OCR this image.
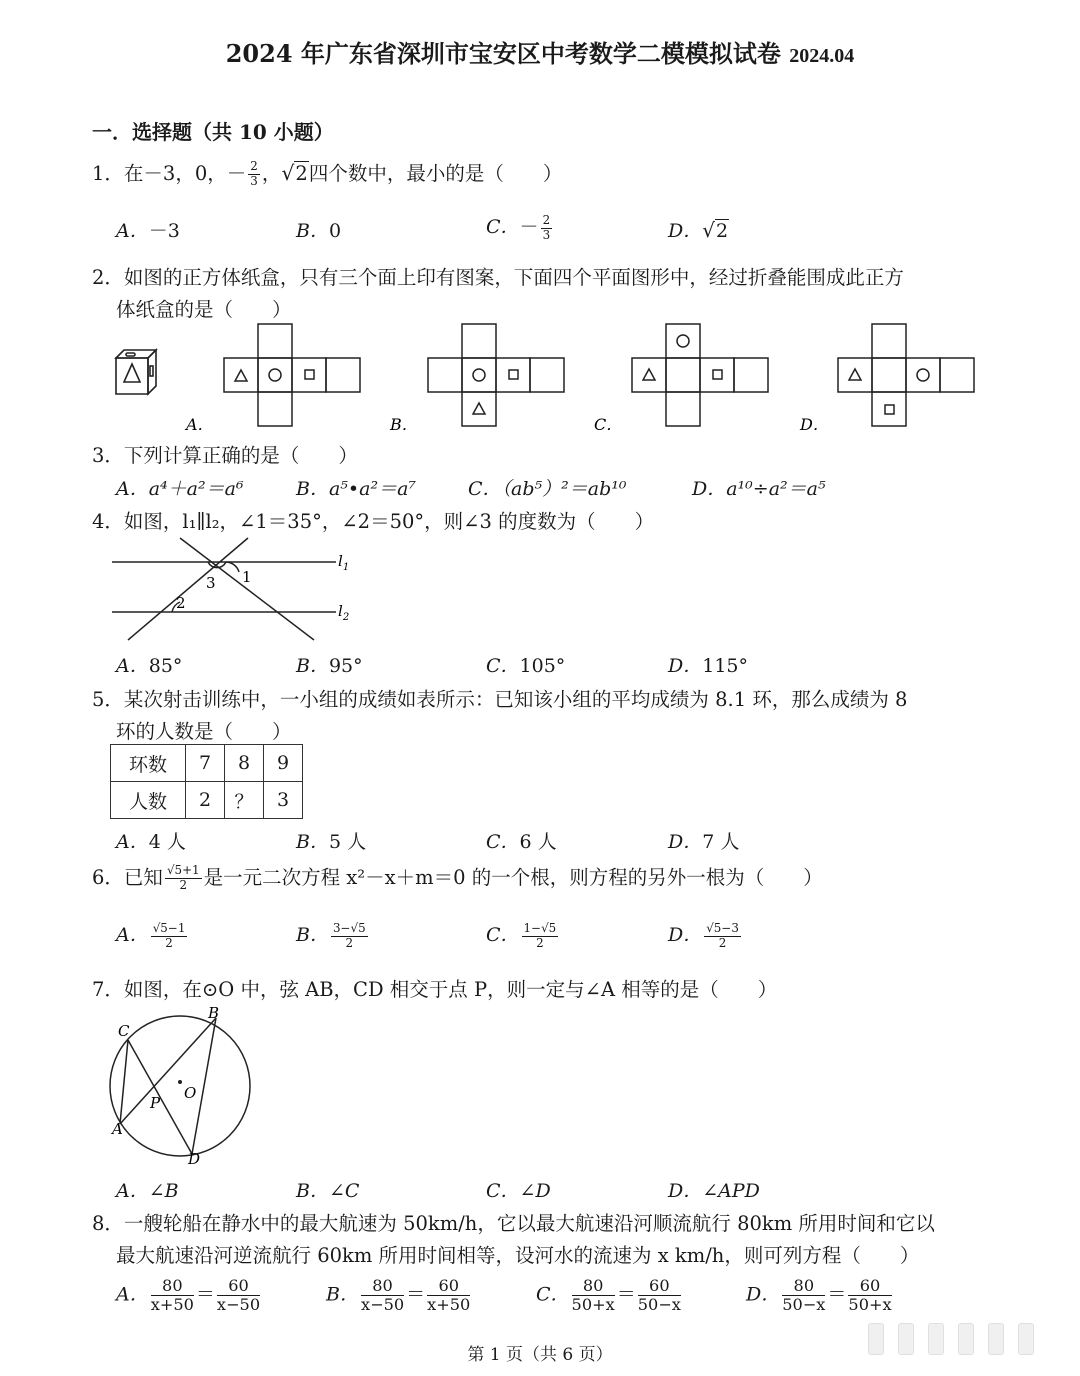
2024 年广东省深圳市宝安区中考数学二模模拟试卷 2024.04
一．选择题（共 10 小题）
1．在－3，0，－ $\frac{2}{3}$ ，√2四个数中，最小的是（　　）
A．－3	B．0	C．－ $\frac{2}{3}$	D．√2
2．如图的正方体纸盒，只有三个面上印有图案，下面四个平面图形中，经过折叠能围成此正方
体纸盒的是（　　）
A．	B．	C．	D．
3．下列计算正确的是（　　）
A．a⁴＋a²＝a⁶	B．a⁵•a²＝a⁷	C．（ab⁵）²＝ab¹⁰	D．a¹⁰÷a²＝a⁵
4．如图，l₁∥l₂，∠1＝35°，∠2＝50°，则∠3 的度数为（　　）
3 1
2
$l_1$
$l_2$
A．85°	B．95°	C．105°	D．115°
5．某次射击训练中，一小组的成绩如表所示：已知该小组的平均成绩为 8.1 环，那么成绩为 8
环的人数是（　　）
环数	7	8	9
人数	2	？	3
A．4 人	B．5 人	C．6 人	D．7 人
6．已知 $\frac{√5+1}{2}$ 是一元二次方程 x²－x＋m＝0 的一个根，则方程的另外一根为（　　）
A． $\frac{√5-1}{2}$	B． $\frac{3-√5}{2}$	C． $\frac{1-√5}{2}$	D． $\frac{√5-3}{2}$
7．如图，在⊙O 中，弦 AB，CD 相交于点 P，则一定与∠A 相等的是（　　）
C
B
A
D
P
O
A．∠B	B．∠C	C．∠D	D．∠APD
8．一艘轮船在静水中的最大航速为 50km/h，它以最大航速沿河顺流航行 80km 所用时间和它以
最大航速沿河逆流航行 60km 所用时间相等，设河水的流速为 x km/h，则可列方程（　　）
A． $\frac{80}{x+50} = \frac{60}{x-50}$	B． $\frac{80}{x-50} = \frac{60}{x+50}$	C． $\frac{80}{50+x} = \frac{60}{50-x}$	D． $\frac{80}{50-x} = \frac{60}{50+x}$
第 1 页（共 6 页）
